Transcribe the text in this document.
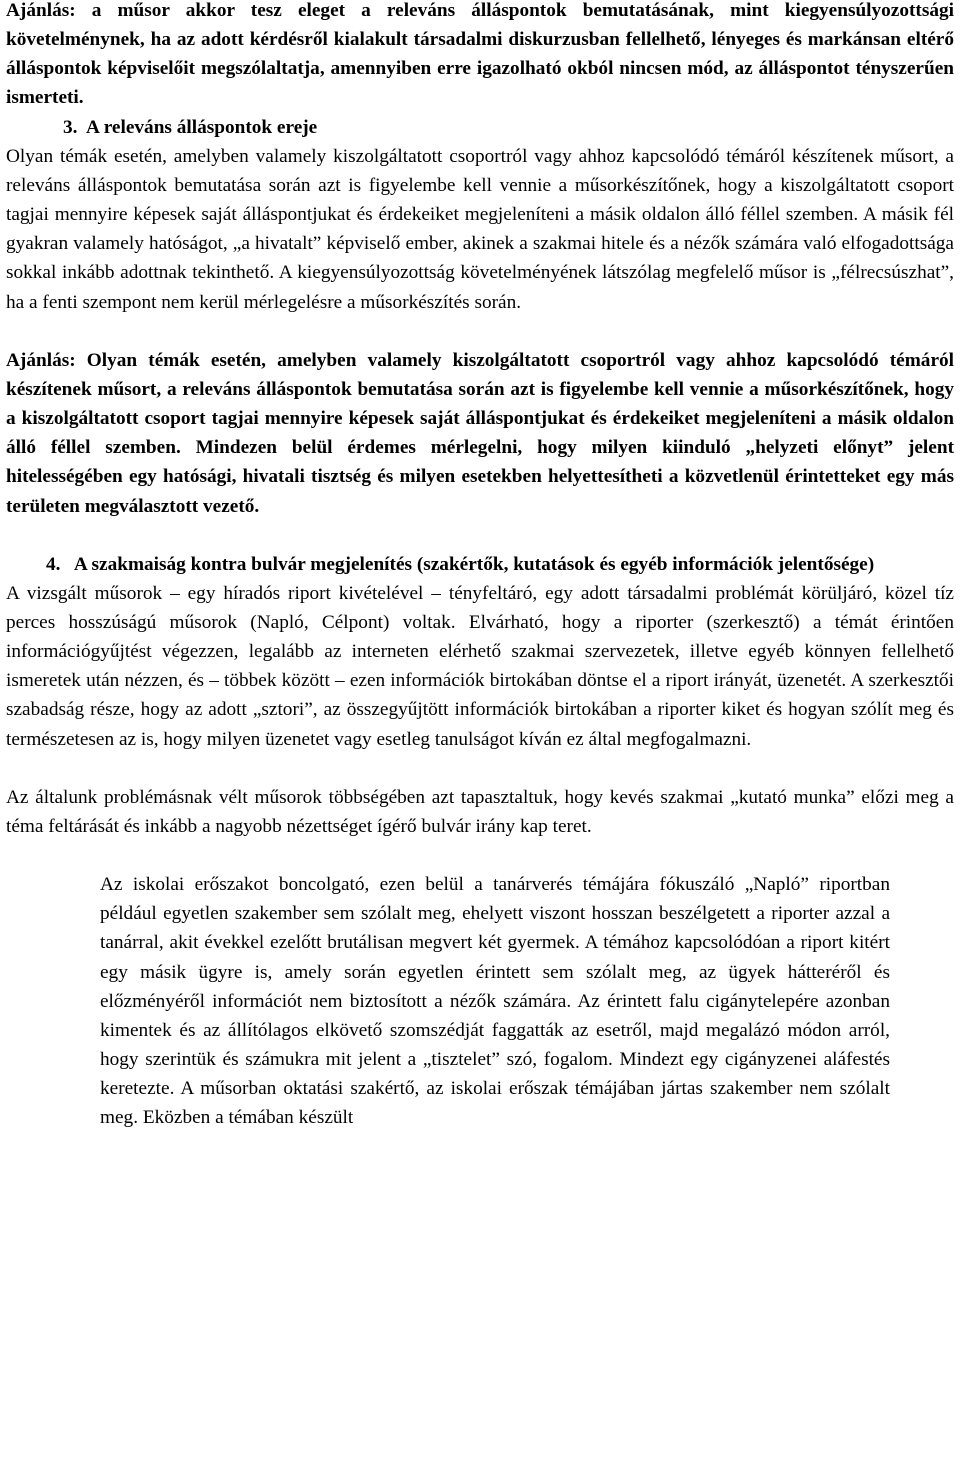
Ajánlás: a műsor akkor tesz eleget a releváns álláspontok bemutatásának, mint kiegyensúlyozottsági követelménynek, ha az adott kérdésről kialakult társadalmi diskurzusban fellelhető, lényeges és markánsan eltérő álláspontok képviselőit megszólaltatja, amennyiben erre igazolható okból nincsen mód, az álláspontot tényszerűen ismerteti.

3. A releváns álláspontok ereje

Olyan témák esetén, amelyben valamely kiszolgáltatott csoportról vagy ahhoz kapcsolódó témáról készítenek műsort, a releváns álláspontok bemutatása során azt is figyelembe kell vennie a műsorkészítőnek, hogy a kiszolgáltatott csoport tagjai mennyire képesek saját álláspontjukat és érdekeiket megjeleníteni a másik oldalon álló féllel szemben. A másik fél gyakran valamely hatóságot, „a hivatalt” képviselő ember, akinek a szakmai hitele és a nézők számára való elfogadottsága sokkal inkább adottnak tekinthető. A kiegyensúlyozottság követelményének látszólag megfelelő műsor is „félrecsúszhat”, ha a fenti szempont nem kerül mérlegelésre a műsorkészítés során.

Ajánlás: Olyan témák esetén, amelyben valamely kiszolgáltatott csoportról vagy ahhoz kapcsolódó témáról készítenek műsort, a releváns álláspontok bemutatása során azt is figyelembe kell vennie a műsorkészítőnek, hogy a kiszolgáltatott csoport tagjai mennyire képesek saját álláspontjukat és érdekeiket megjeleníteni a másik oldalon álló féllel szemben. Mindezen belül érdemes mérlegelni, hogy milyen kiinduló „helyzeti előnyt” jelent hitelességében egy hatósági, hivatali tisztség és milyen esetekben helyettesítheti a közvetlenül érintetteket egy más területen megválasztott vezető.

4. A szakmaiság kontra bulvár megjelenítés (szakértők, kutatások és egyéb információk jelentősége)

A vizsgált műsorok – egy híradós riport kivételével – tényfeltáró, egy adott társadalmi problémát körüljáró, közel tíz perces hosszúságú műsorok (Napló, Célpont) voltak. Elvárható, hogy a riporter (szerkesztő) a témát érintően információgyűjtést végezzen, legalább az interneten elérhető szakmai szervezetek, illetve egyéb könnyen fellelhető ismeretek után nézzen, és – többek között – ezen információk birtokában döntse el a riport irányát, üzenetét. A szerkesztői szabadság része, hogy az adott „sztori”, az összegyűjtött információk birtokában a riporter kiket és hogyan szólít meg és természetesen az is, hogy milyen üzenetet vagy esetleg tanulságot kíván ez által megfogalmazni.

Az általunk problémásnak vélt műsorok többségében azt tapasztaltuk, hogy kevés szakmai „kutató munka” előzi meg a téma feltárását és inkább a nagyobb nézettséget ígérő bulvár irány kap teret.

Az iskolai erőszakot boncolgató, ezen belül a tanárverés témájára fókuszáló „Napló” riportban például egyetlen szakember sem szólalt meg, ehelyett viszont hosszan beszélgetett a riporter azzal a tanárral, akit évekkel ezelőtt brutálisan megvert két gyermek. A témához kapcsolódóan a riport kitért egy másik ügyre is, amely során egyetlen érintett sem szólalt meg, az ügyek hátteréről és előzményéről információt nem biztosított a nézők számára. Az érintett falu cigánytelepére azonban kimentek és az állítólagos elkövető szomszédját faggatták az esetről, majd megalázó módon arról, hogy szerintük és számukra mit jelent a „tiszteletˮ szó, fogalom. Mindezt egy cigányzenei aláfestés keretezte. A műsorban oktatási szakértő, az iskolai erőszak témájában jártas szakember nem szólalt meg. Eközben a témában készült
